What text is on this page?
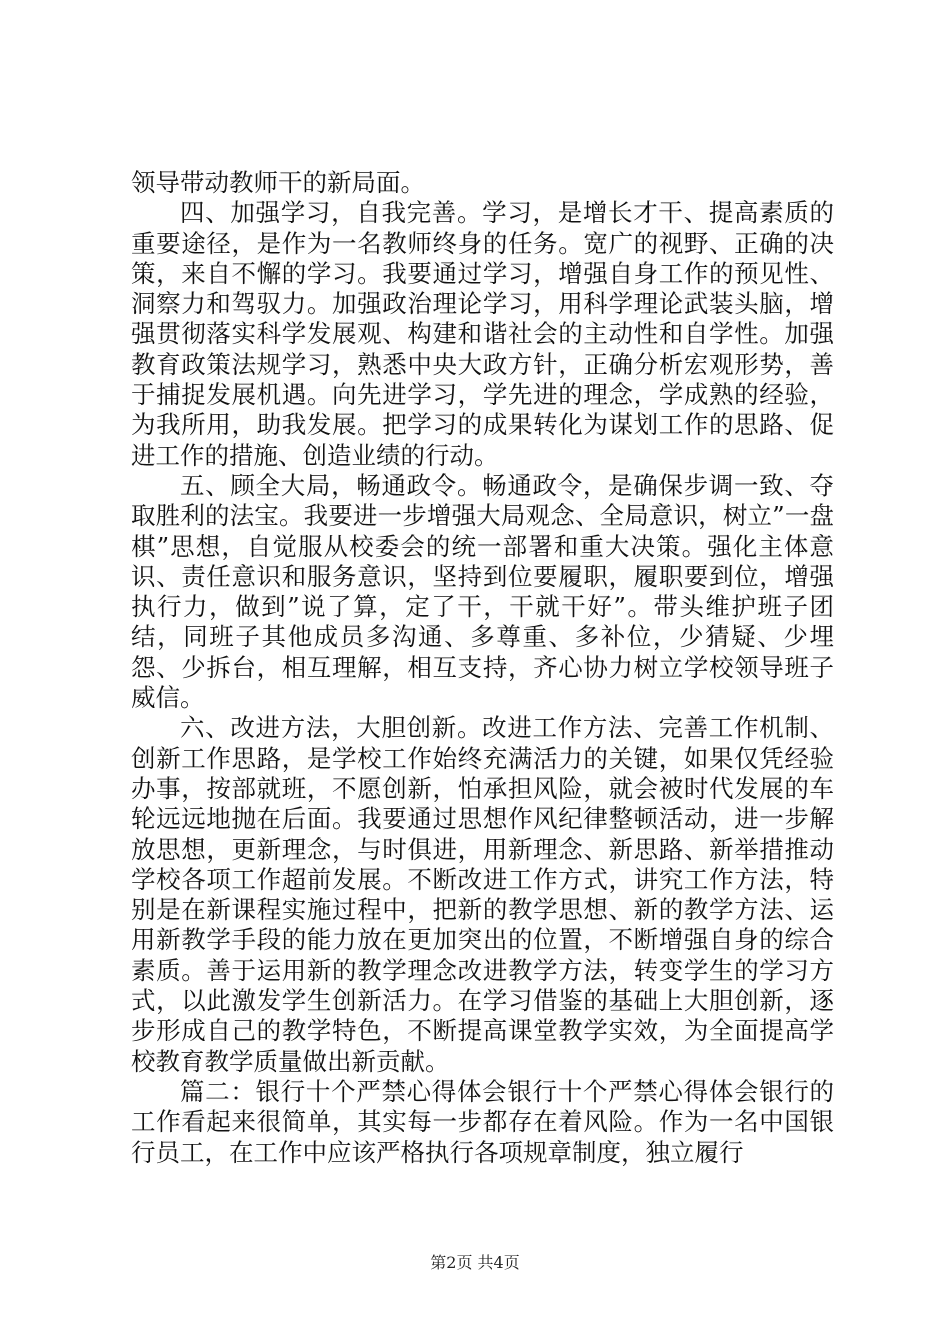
领导带动教师干的新局面。

四、加强学习，自我完善。学习，是增长才干、提高素质的重要途径，是作为一名教师终身的任务。宽广的视野、正确的决策，来自不懈的学习。我要通过学习，增强自身工作的预见性、洞察力和驾驭力。加强政治理论学习，用科学理论武装头脑，增强贯彻落实科学发展观、构建和谐社会的主动性和自学性。加强教育政策法规学习，熟悉中央大政方针，正确分析宏观形势，善于捕捉发展机遇。向先进学习，学先进的理念，学成熟的经验，为我所用，助我发展。把学习的成果转化为谋划工作的思路、促进工作的措施、创造业绩的行动。

五、顾全大局，畅通政令。畅通政令，是确保步调一致、夺取胜利的法宝。我要进一步增强大局观念、全局意识，树立”一盘棋”思想，自觉服从校委会的统一部署和重大决策。强化主体意识、责任意识和服务意识，坚持到位要履职，履职要到位，增强执行力，做到”说了算，定了干，干就干好”。带头维护班子团结，同班子其他成员多沟通、多尊重、多补位，少猜疑、少埋怨、少拆台，相互理解，相互支持，齐心协力树立学校领导班子威信。

六、改进方法，大胆创新。改进工作方法、完善工作机制、创新工作思路，是学校工作始终充满活力的关键，如果仅凭经验办事，按部就班，不愿创新，怕承担风险，就会被时代发展的车轮远远地抛在后面。我要通过思想作风纪律整顿活动，进一步解放思想，更新理念，与时俱进，用新理念、新思路、新举措推动学校各项工作超前发展。不断改进工作方式，讲究工作方法，特别是在新课程实施过程中，把新的教学思想、新的教学方法、运用新教学手段的能力放在更加突出的位置，不断增强自身的综合素质。善于运用新的教学理念改进教学方法，转变学生的学习方式，以此激发学生创新活力。在学习借鉴的基础上大胆创新，逐步形成自己的教学特色，不断提高课堂教学实效，为全面提高学校教育教学质量做出新贡献。

篇二：银行十个严禁心得体会银行十个严禁心得体会银行的工作看起来很简单，其实每一步都存在着风险。作为一名中国银行员工，在工作中应该严格执行各项规章制度，独立履行

第2页 共4页
